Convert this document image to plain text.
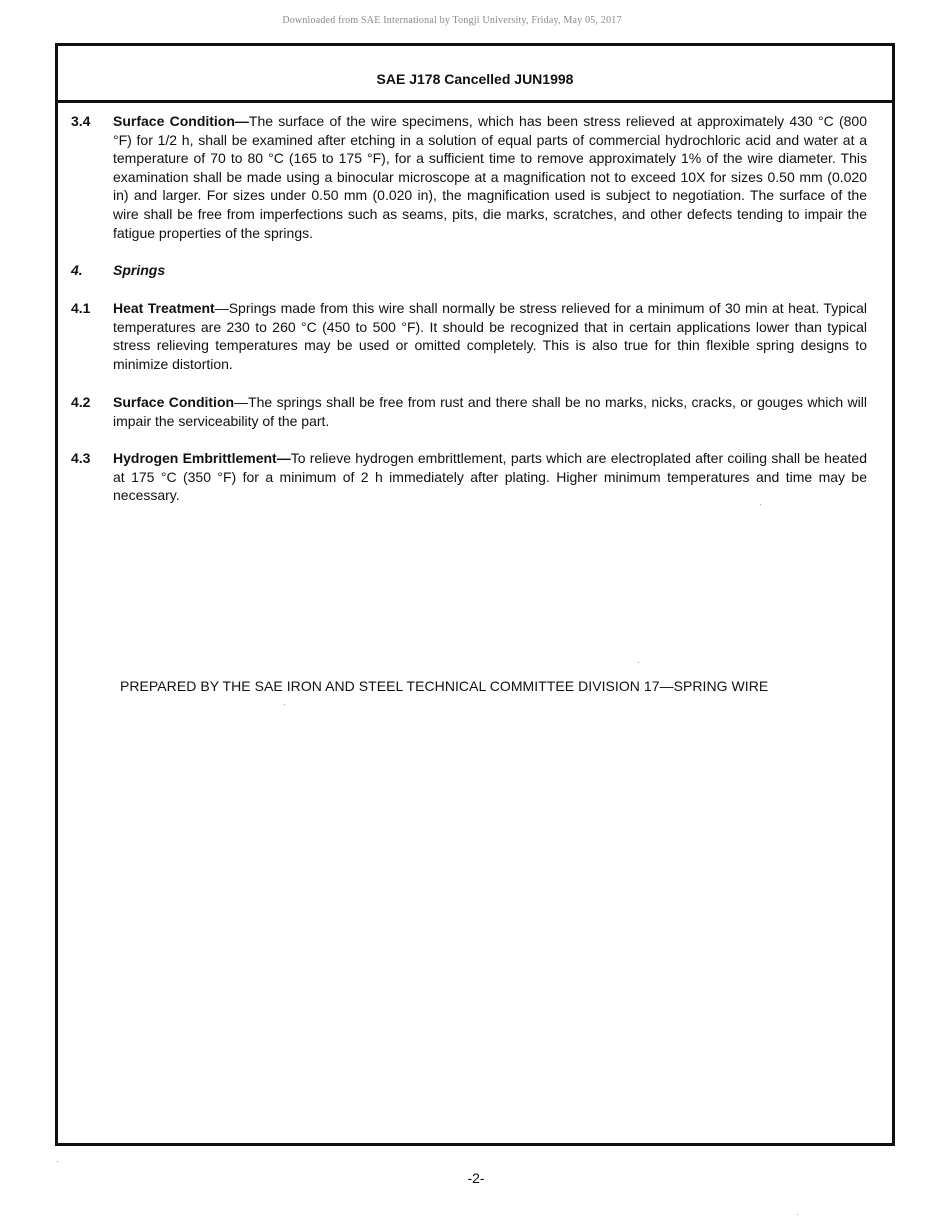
Downloaded from SAE International by Tongji University, Friday, May 05, 2017
SAE J178 Cancelled JUN1998
3.4 Surface Condition—The surface of the wire specimens, which has been stress relieved at approximately 430 °C (800 °F) for 1/2 h, shall be examined after etching in a solution of equal parts of commercial hydrochloric acid and water at a temperature of 70 to 80 °C (165 to 175 °F), for a sufficient time to remove approximately 1% of the wire diameter. This examination shall be made using a binocular microscope at a magnification not to exceed 10X for sizes 0.50 mm (0.020 in) and larger. For sizes under 0.50 mm (0.020 in), the magnification used is subject to negotiation. The surface of the wire shall be free from imperfections such as seams, pits, die marks, scratches, and other defects tending to impair the fatigue properties of the springs.
4. Springs
4.1 Heat Treatment—Springs made from this wire shall normally be stress relieved for a minimum of 30 min at heat. Typical temperatures are 230 to 260 °C (450 to 500 °F). It should be recognized that in certain applications lower than typical stress relieving temperatures may be used or omitted completely. This is also true for thin flexible spring designs to minimize distortion.
4.2 Surface Condition—The springs shall be free from rust and there shall be no marks, nicks, cracks, or gouges which will impair the serviceability of the part.
4.3 Hydrogen Embrittlement—To relieve hydrogen embrittlement, parts which are electroplated after coiling shall be heated at 175 °C (350 °F) for a minimum of 2 h immediately after plating. Higher minimum temperatures and time may be necessary.
PREPARED BY THE SAE IRON AND STEEL TECHNICAL COMMITTEE DIVISION 17—SPRING WIRE
-2-
